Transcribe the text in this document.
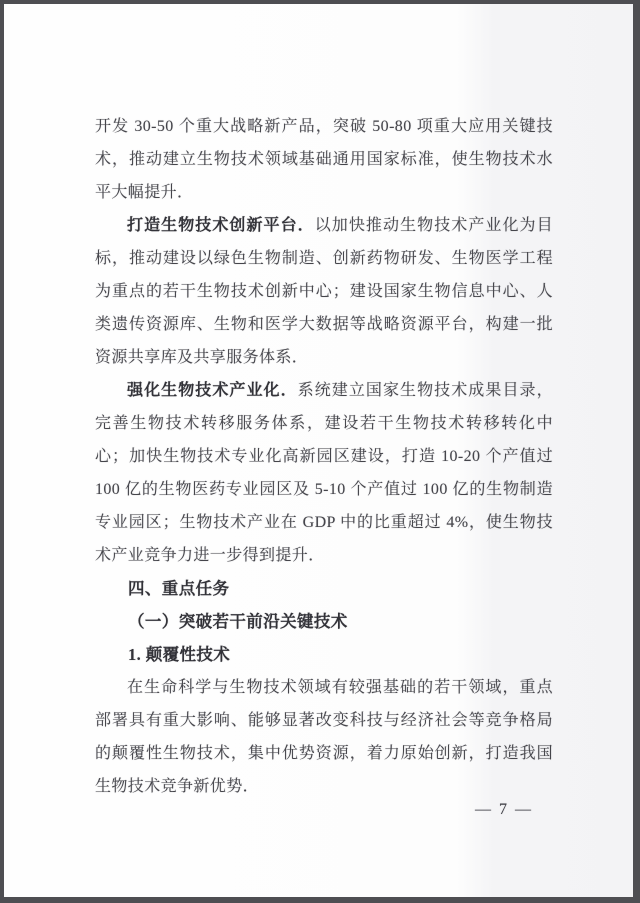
开发 30-50 个重大战略新产品，突破 50-80 项重大应用关键技术，推动建立生物技术领域基础通用国家标准，使生物技术水平大幅提升．

打造生物技术创新平台．以加快推动生物技术产业化为目标，推动建设以绿色生物制造、创新药物研发、生物医学工程为重点的若干生物技术创新中心；建设国家生物信息中心、人类遗传资源库、生物和医学大数据等战略资源平台，构建一批资源共享库及共享服务体系．

强化生物技术产业化．系统建立国家生物技术成果目录，完善生物技术转移服务体系，建设若干生物技术转移转化中心；加快生物技术专业化高新园区建设，打造 10-20 个产值过 100 亿的生物医药专业园区及 5-10 个产值过 100 亿的生物制造专业园区；生物技术产业在 GDP 中的比重超过 4%，使生物技术产业竞争力进一步得到提升．

四、重点任务
（一）突破若干前沿关键技术
1. 颠覆性技术

在生命科学与生物技术领域有较强基础的若干领域，重点部署具有重大影响、能够显著改变科技与经济社会等竞争格局的颠覆性生物技术，集中优势资源，着力原始创新，打造我国生物技术竞争新优势．

— 7 —
